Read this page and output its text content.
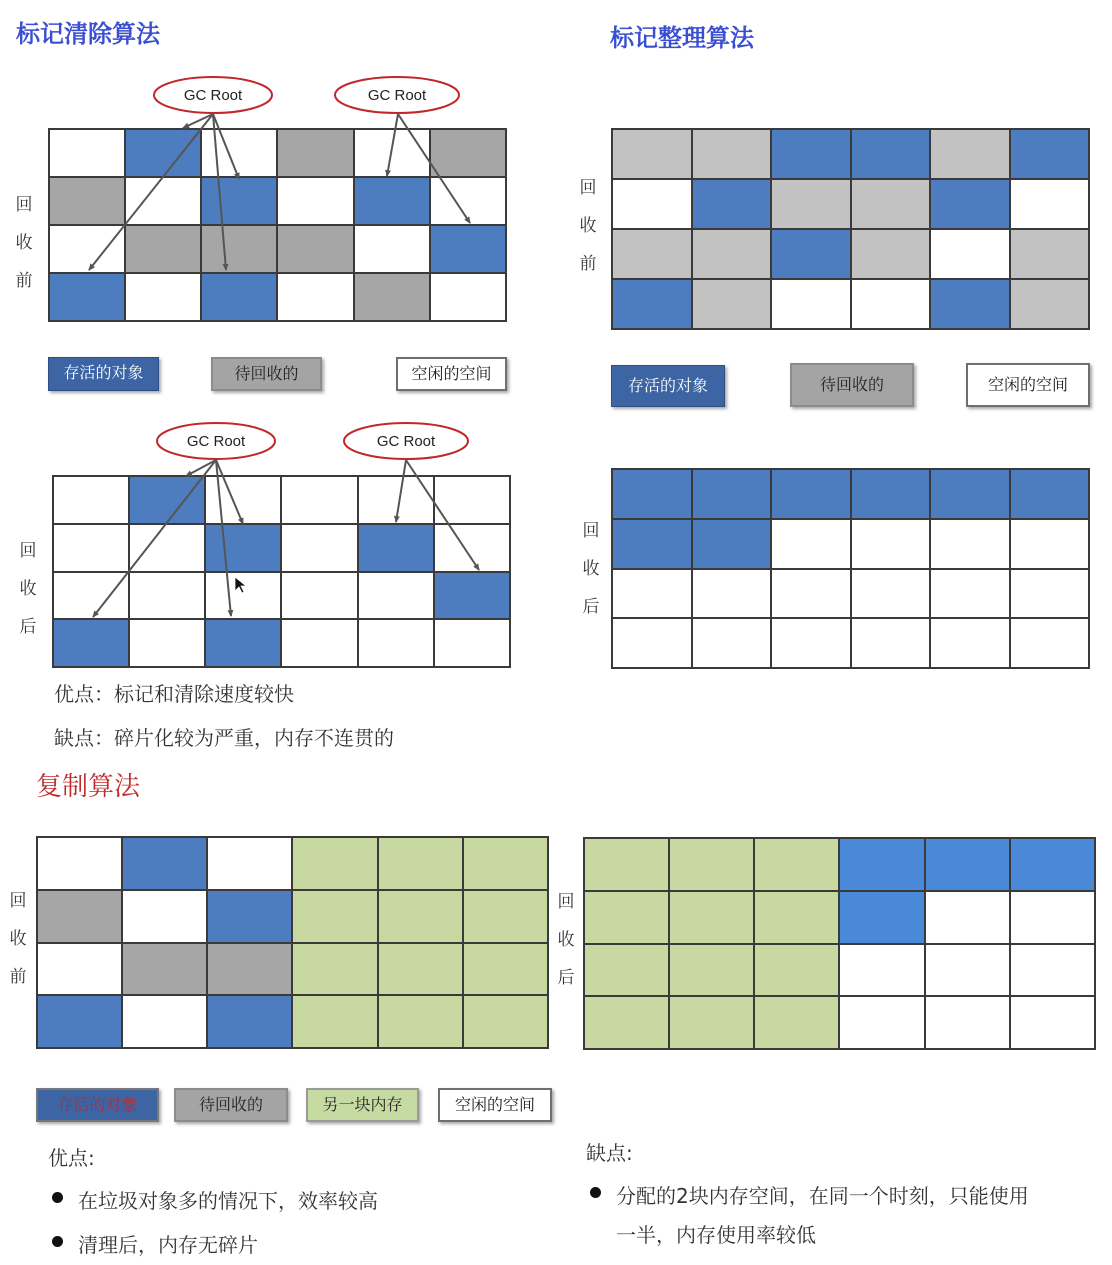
标记清除算法
回
收
前
存活的对象	待回收的	空闲的空间
回
收
后
优点：标记和清除速度较快
缺点：碎片化较为严重，内存不连贯的
标记整理算法
回
收
前
存活的对象	待回收的	空闲的空间
回
收
后
复制算法
回
收
前
回
收
后
存活的对象	待回收的	另一块内存	空闲的空间
优点:
在垃圾对象多的情况下，效率较高
清理后，内存无碎片
缺点:
分配的2块内存空间，在同一个时刻，只能使用
一半，内存使用率较低
GC Root	GC Root
GC Root	GC Root
